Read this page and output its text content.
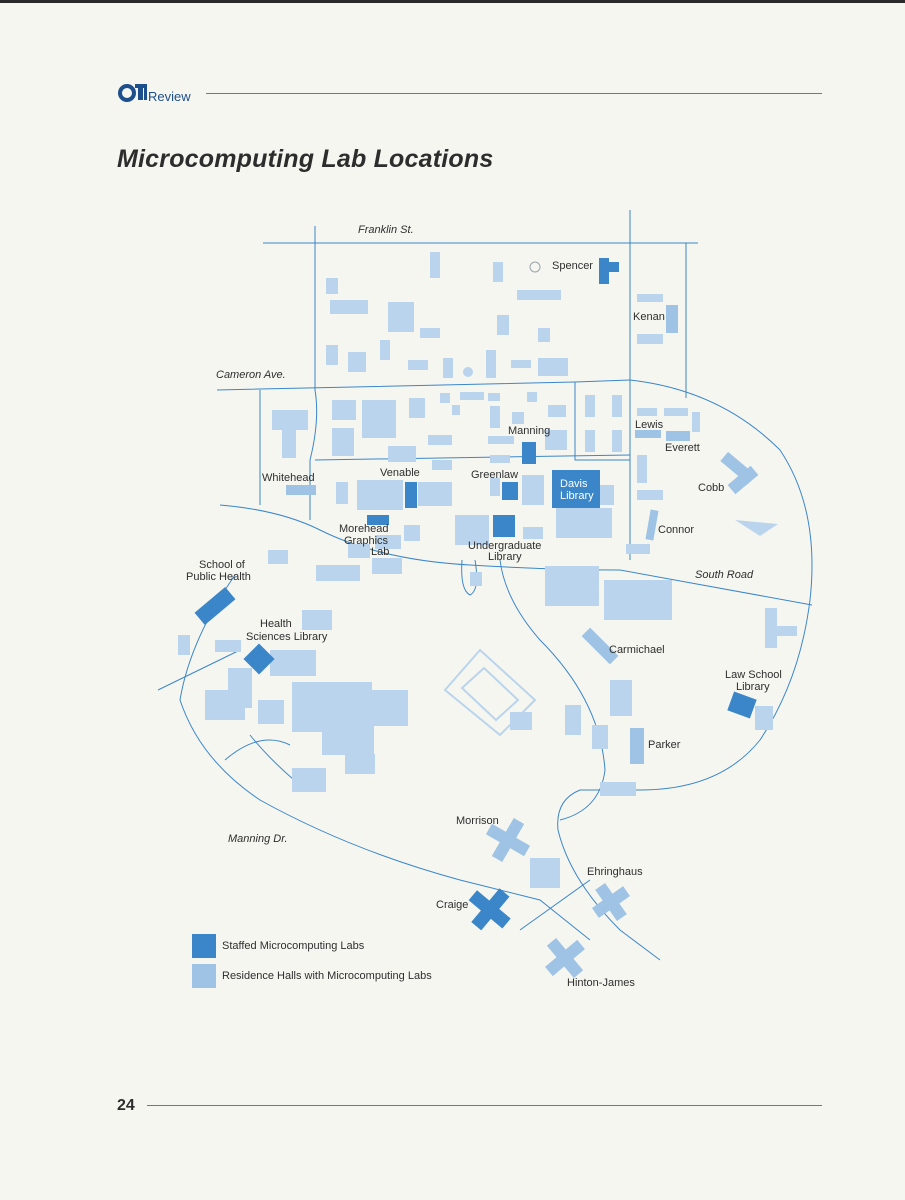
Review
Microcomputing Lab Locations
Franklin St.
Cameron Ave.
South Road
Manning Dr.
Spencer
Kenan
Manning	Lewis
Everett
Whitehead	Venable	Greenlaw
Davis
Library
Cobb
Morehead
Graphics
Lab	Undergraduate
Library
Connor
School of
Public Health
Health
Sciences Library
Carmichael
Law School
Library
Parker
Morrison
Ehringhaus
Craige
Hinton-James
Staffed Microcomputing Labs
Residence Halls with Microcomputing Labs
24
